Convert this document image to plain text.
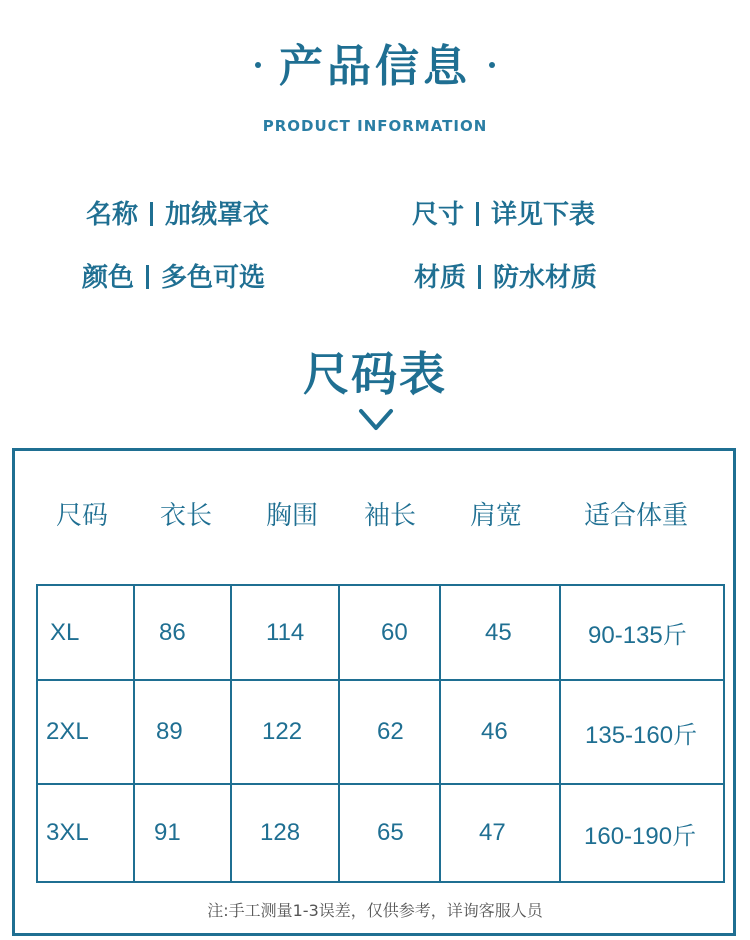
产品信息
PRODUCT INFORMATION
名称 加绒罩衣	尺寸 详见下表
颜色 多色可选	材质 防水材质
尺码表
尺码 衣长 胸围 袖长 肩宽 适合体重
XL	86	114	60	45	90-135斤
2XL	89	122	62	46	135-160斤
3XL	91	128	65	47	160-190斤
注:手工测量1-3误差，仅供参考，详询客服人员
